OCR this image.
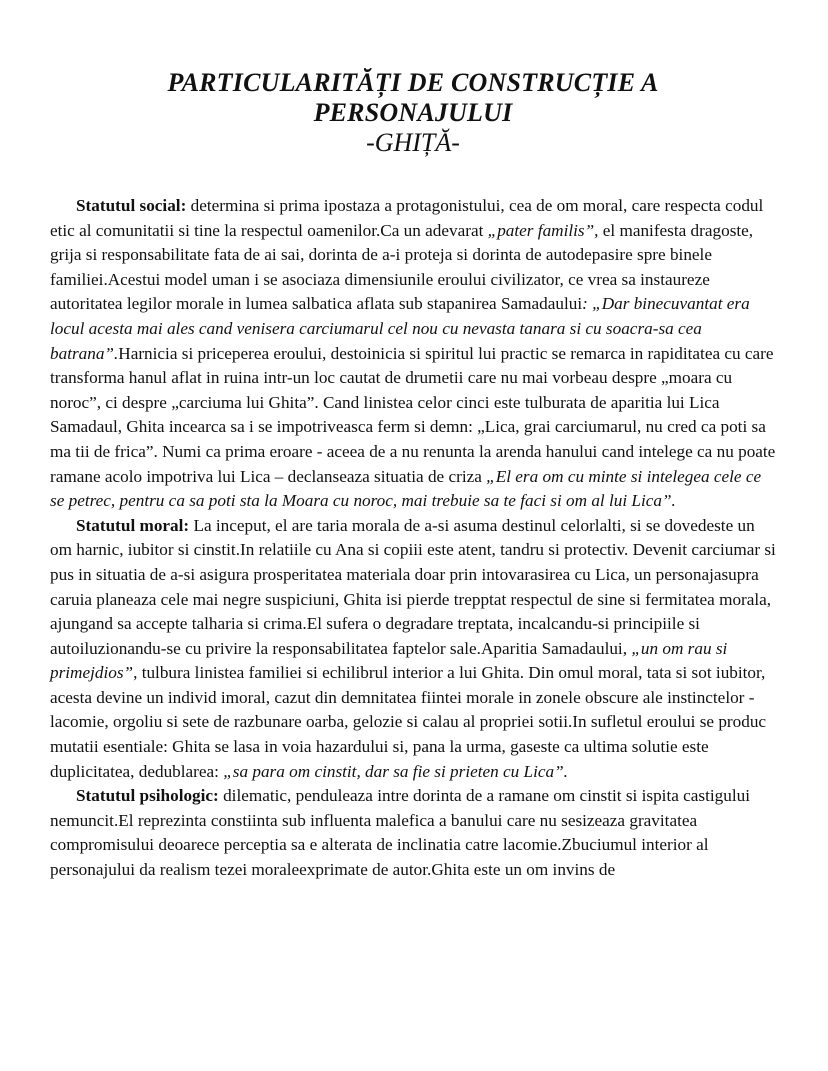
PARTICULARITĂȚI DE CONSTRUCȚIE A
PERSONAJULUI
-GHIȚĂ-

Statutul social: determina si prima ipostaza a protagonistului, cea de om moral, care respecta codul etic al comunitatii si tine la respectul oamenilor.Ca un adevarat „pater familis”, el manifesta dragoste, grija si responsabilitate fata de ai sai, dorinta de a-i proteja si dorinta de autodepasire spre binele familiei.Acestui model uman i se asociaza dimensiunile eroului civilizator, ce vrea sa instaureze autoritatea legilor morale in lumea salbatica aflata sub stapanirea Samadaului: „Dar binecuvantat era locul acesta mai ales cand venisera carciumarul cel nou cu nevasta tanara si cu soacra-sa cea batrana”.Harnicia si priceperea eroului, destoinicia si spiritul lui practic se remarca in rapiditatea cu care transforma hanul aflat in ruina intr-un loc cautat de drumetii care nu mai vorbeau despre „moara cu noroc”, ci despre „carciuma lui Ghita”. Cand linistea celor cinci este tulburata de aparitia lui Lica Samadaul, Ghita incearca sa i se impotriveasca ferm si demn: „Lica, grai carciumarul, nu cred ca poti sa ma tii de frica”. Numi ca prima eroare - aceea de a nu renunta la arenda hanului cand intelege ca nu poate ramane acolo impotriva lui Lica – declanseaza situatia de criza „El era om cu minte si intelegea cele ce se petrec, pentru ca sa poti sta la Moara cu noroc, mai trebuie sa te faci si om al lui Lica”.

Statutul moral: La inceput, el are taria morala de a-si asuma destinul celorlalti, si se dovedeste un om harnic, iubitor si cinstit.In relatiile cu Ana si copiii este atent, tandru si protectiv. Devenit carciumar si pus in situatia de a-si asigura prosperitatea materiala doar prin intovarasirea cu Lica, un personajasupra caruia planeaza cele mai negre suspiciuni, Ghita isi pierde trepptat respectul de sine si fermitatea morala, ajungand sa accepte talharia si crima.El sufera o degradare treptata, incalcandu-si principiile si autoiluzionandu-se cu privire la responsabilitatea faptelor sale.Aparitia Samadaului, „un om rau si primejdios”, tulbura linistea familiei si echilibrul interior a lui Ghita. Din omul moral, tata si sot iubitor, acesta devine un individ imoral, cazut din demnitatea fiintei morale in zonele obscure ale instinctelor - lacomie, orgoliu si sete de razbunare oarba, gelozie si calau al propriei sotii.In sufletul eroului se produc mutatii esentiale: Ghita se lasa in voia hazardului si, pana la urma, gaseste ca ultima solutie este duplicitatea, dedublarea: „sa para om cinstit, dar sa fie si prieten cu Lica”.

Statutul psihologic: dilematic, penduleaza intre dorinta de a ramane om cinstit si ispita castigului nemuncit.El reprezinta constiinta sub influenta malefica a banului care nu sesizeaza gravitatea compromisului deoarece perceptia sa e alterata de inclinatia catre lacomie.Zbuciumul interior al personajului da realism tezei moraleexprimate de autor.Ghita este un om invins de
